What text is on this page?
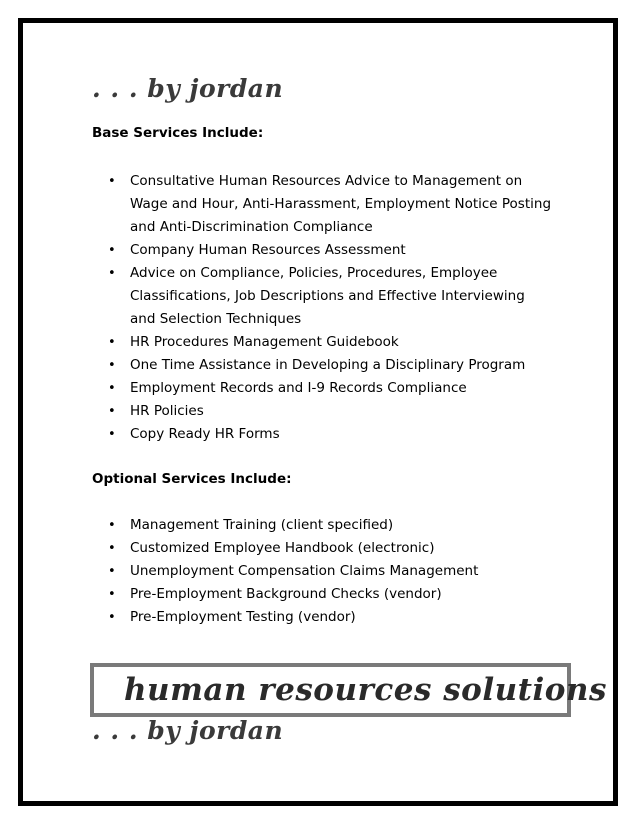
. . . by jordan
Base Services Include:
• Consultative Human Resources Advice to Management on Wage and Hour, Anti-Harassment, Employment Notice Posting and Anti-Discrimination Compliance
• Company Human Resources Assessment
• Advice on Compliance, Policies, Procedures, Employee Classifications, Job Descriptions and Effective Interviewing and Selection Techniques
• HR Procedures Management Guidebook
• One Time Assistance in Developing a Disciplinary Program
• Employment Records and I-9 Records Compliance
• HR Policies
• Copy Ready HR Forms
Optional Services Include:
• Management Training (client specified)
• Customized Employee Handbook (electronic)
• Unemployment Compensation Claims Management
• Pre-Employment Background Checks (vendor)
• Pre-Employment Testing (vendor)
human resources solutions
. . . by jordan
